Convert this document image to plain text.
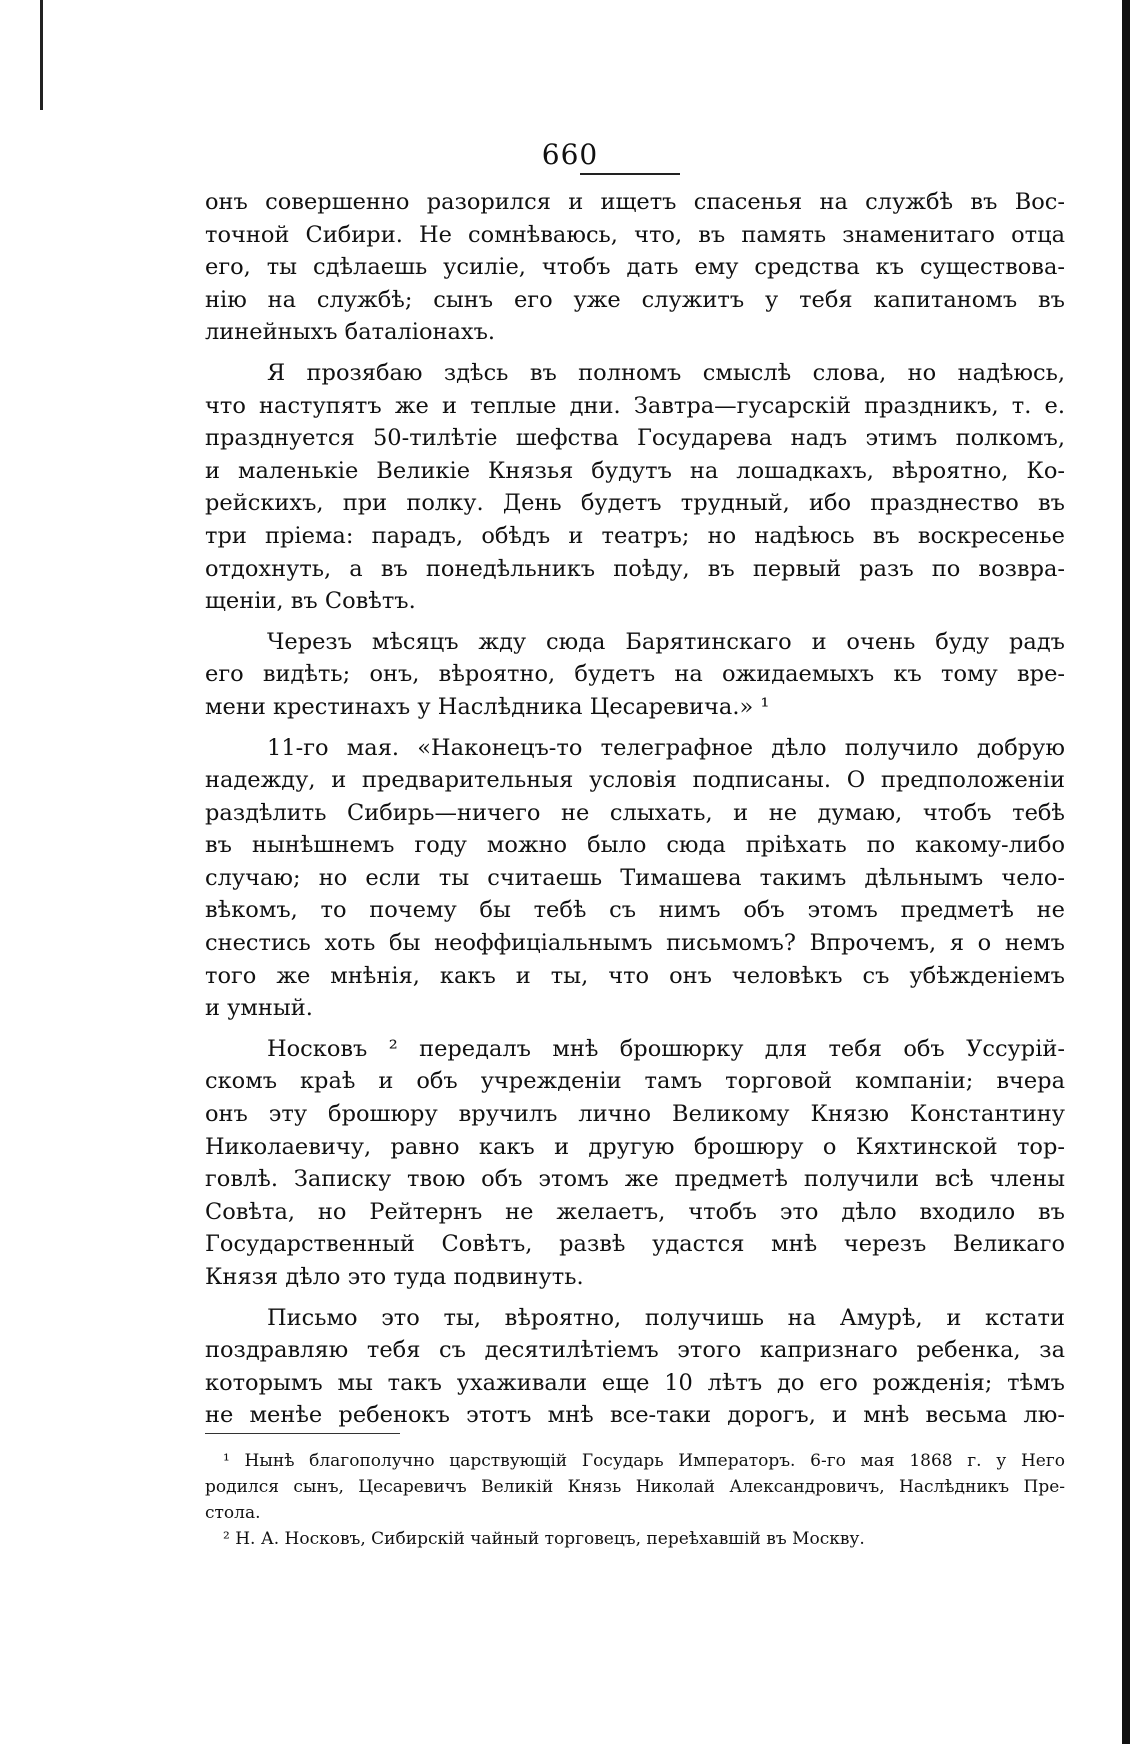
660
онъ совершенно разорился и ищетъ спасенья на службѣ въ Вос-
точной Сибири. Не сомнѣваюсь, что, въ память знаменитаго отца
его, ты сдѣлаешь усиліе, чтобъ дать ему средства къ существова-
нію на службѣ; сынъ его уже служитъ у тебя капитаномъ въ
линейныхъ баталіонахъ.
Я прозябаю здѣсь въ полномъ смыслѣ слова, но надѣюсь,
что наступятъ же и теплые дни. Завтра—гусарскій праздникъ, т. е.
празднуется 50-тилѣтіе шефства Государева надъ этимъ полкомъ,
и маленькіе Великіе Князья будутъ на лошадкахъ, вѣроятно, Ко-
рейскихъ, при полку. День будетъ трудный, ибо празднество въ
три пріема: парадъ, обѣдъ и театръ; но надѣюсь въ воскресенье
отдохнуть, а въ понедѣльникъ поѣду, въ первый разъ по возвра-
щеніи, въ Совѣтъ.
Черезъ мѣсяцъ жду сюда Барятинскаго и очень буду радъ
его видѣть; онъ, вѣроятно, будетъ на ожидаемыхъ къ тому вре-
мени крестинахъ у Наслѣдника Цесаревича.» ¹
11-го мая. «Наконецъ-то телеграфное дѣло получило добрую
надежду, и предварительныя условія подписаны. О предположеніи
раздѣлить Сибирь—ничего не слыхать, и не думаю, чтобъ тебѣ
въ нынѣшнемъ году можно было сюда пріѣхать по какому-либо
случаю; но если ты считаешь Тимашева такимъ дѣльнымъ чело-
вѣкомъ, то почему бы тебѣ съ нимъ объ этомъ предметѣ не
снестись хоть бы неоффиціальнымъ письмомъ? Впрочемъ, я о немъ
того же мнѣнія, какъ и ты, что онъ человѣкъ съ убѣжденіемъ
и умный.
Носковъ ² передалъ мнѣ брошюрку для тебя объ Уссурій-
скомъ краѣ и объ учрежденіи тамъ торговой компаніи; вчера
онъ эту брошюру вручилъ лично Великому Князю Константину
Николаевичу, равно какъ и другую брошюру о Кяхтинской тор-
говлѣ. Записку твою объ этомъ же предметѣ получили всѣ члены
Совѣта, но Рейтернъ не желаетъ, чтобъ это дѣло входило въ
Государственный Совѣтъ, развѣ удастся мнѣ черезъ Великаго
Князя дѣло это туда подвинуть.
Письмо это ты, вѣроятно, получишь на Амурѣ, и кстати
поздравляю тебя съ десятилѣтіемъ этого капризнаго ребенка, за
которымъ мы такъ ухаживали еще 10 лѣтъ до его рожденія; тѣмъ
не менѣе ребенокъ этотъ мнѣ все-таки дорогъ, и мнѣ весьма лю-
¹ Нынѣ благополучно царствующій Государь Императоръ. 6-го мая 1868 г. у Него
родился сынъ, Цесаревичъ Великій Князь Николай Александровичъ, Наслѣдникъ Пре-
стола.
² Н. А. Носковъ, Сибирскій чайный торговецъ, переѣхавшій въ Москву.
